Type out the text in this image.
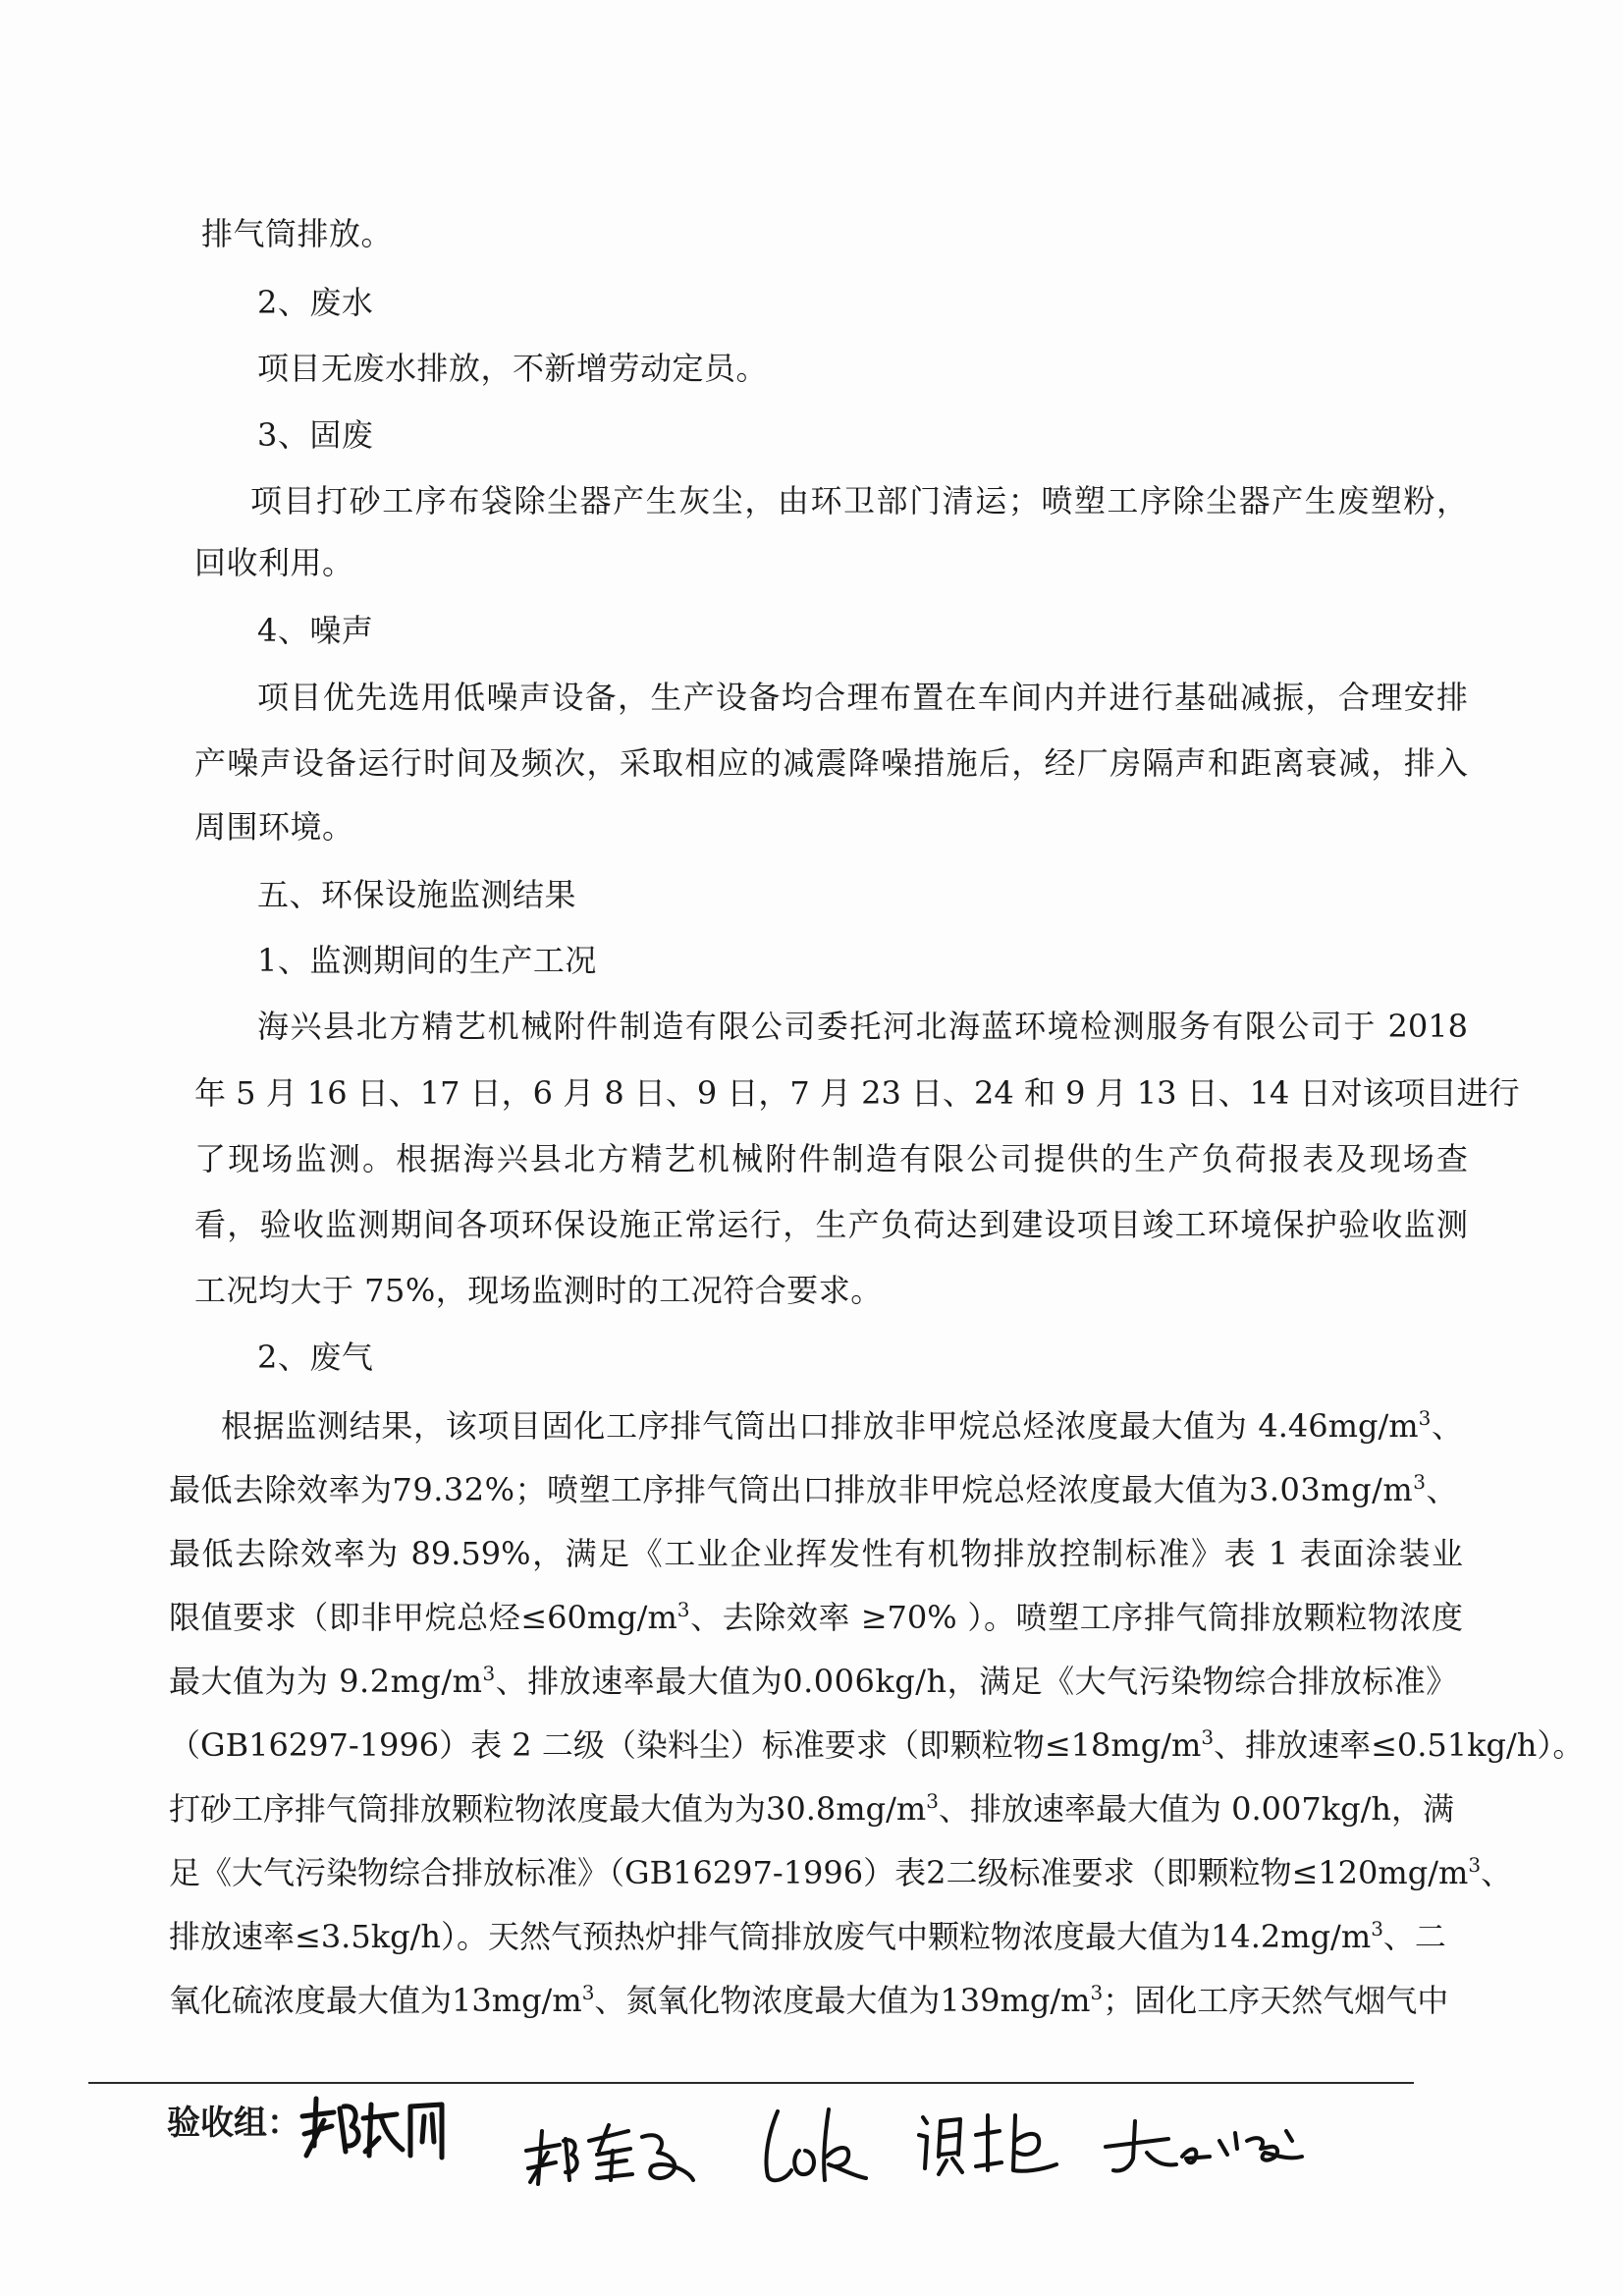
排气筒排放。
2、废水
项目无废水排放，不新增劳动定员。
3、固废
项目打砂工序布袋除尘器产生灰尘，由环卫部门清运；喷塑工序除尘器产生废塑粉，
回收利用。
4、噪声
项目优先选用低噪声设备，生产设备均合理布置在车间内并进行基础减振，合理安排
产噪声设备运行时间及频次，采取相应的减震降噪措施后，经厂房隔声和距离衰减，排入
周围环境。
五、环保设施监测结果
1、监测期间的生产工况
海兴县北方精艺机械附件制造有限公司委托河北海蓝环境检测服务有限公司于 2018
年 5 月 16 日、17 日，6 月 8 日、9 日，7 月 23 日、24 和 9 月 13 日、14 日对该项目进行
了现场监测。根据海兴县北方精艺机械附件制造有限公司提供的生产负荷报表及现场查
看，验收监测期间各项环保设施正常运行，生产负荷达到建设项目竣工环境保护验收监测
工况均大于 75%，现场监测时的工况符合要求。
2、废气
根据监测结果，该项目固化工序排气筒出口排放非甲烷总烃浓度最大值为 $4.46mg/m^3$、
最低去除效率为79.32%；喷塑工序排气筒出口排放非甲烷总烃浓度最大值为$3.03mg/m^3$、
最低去除效率为 89.59%，满足《工业企业挥发性有机物排放控制标准》表 1 表面涂装业
限值要求（即非甲烷总烃$\le 60mg/m^3$、去除效率 ≥70% ）。喷塑工序排气筒排放颗粒物浓度
最大值为为 $9.2mg/m^3$、排放速率最大值为0.006kg/h，满足《大气污染物综合排放标准》
（GB16297-1996）表 2 二级（染料尘）标准要求（即颗粒物$\le 18mg/m^3$、排放速率≤0.51kg/h）。
打砂工序排气筒排放颗粒物浓度最大值为为$30.8mg/m^3$、排放速率最大值为 0.007kg/h，满
足《大气污染物综合排放标准》（GB16297-1996）表2二级标准要求（即颗粒物$\le 120mg/m^3$、
排放速率≤3.5kg/h）。天然气预热炉排气筒排放废气中颗粒物浓度最大值为$14.2mg/m^3$、二
氧化硫浓度最大值为$13mg/m^3$、氮氧化物浓度最大值为$139mg/m^3$；固化工序天然气烟气中
验收组：
